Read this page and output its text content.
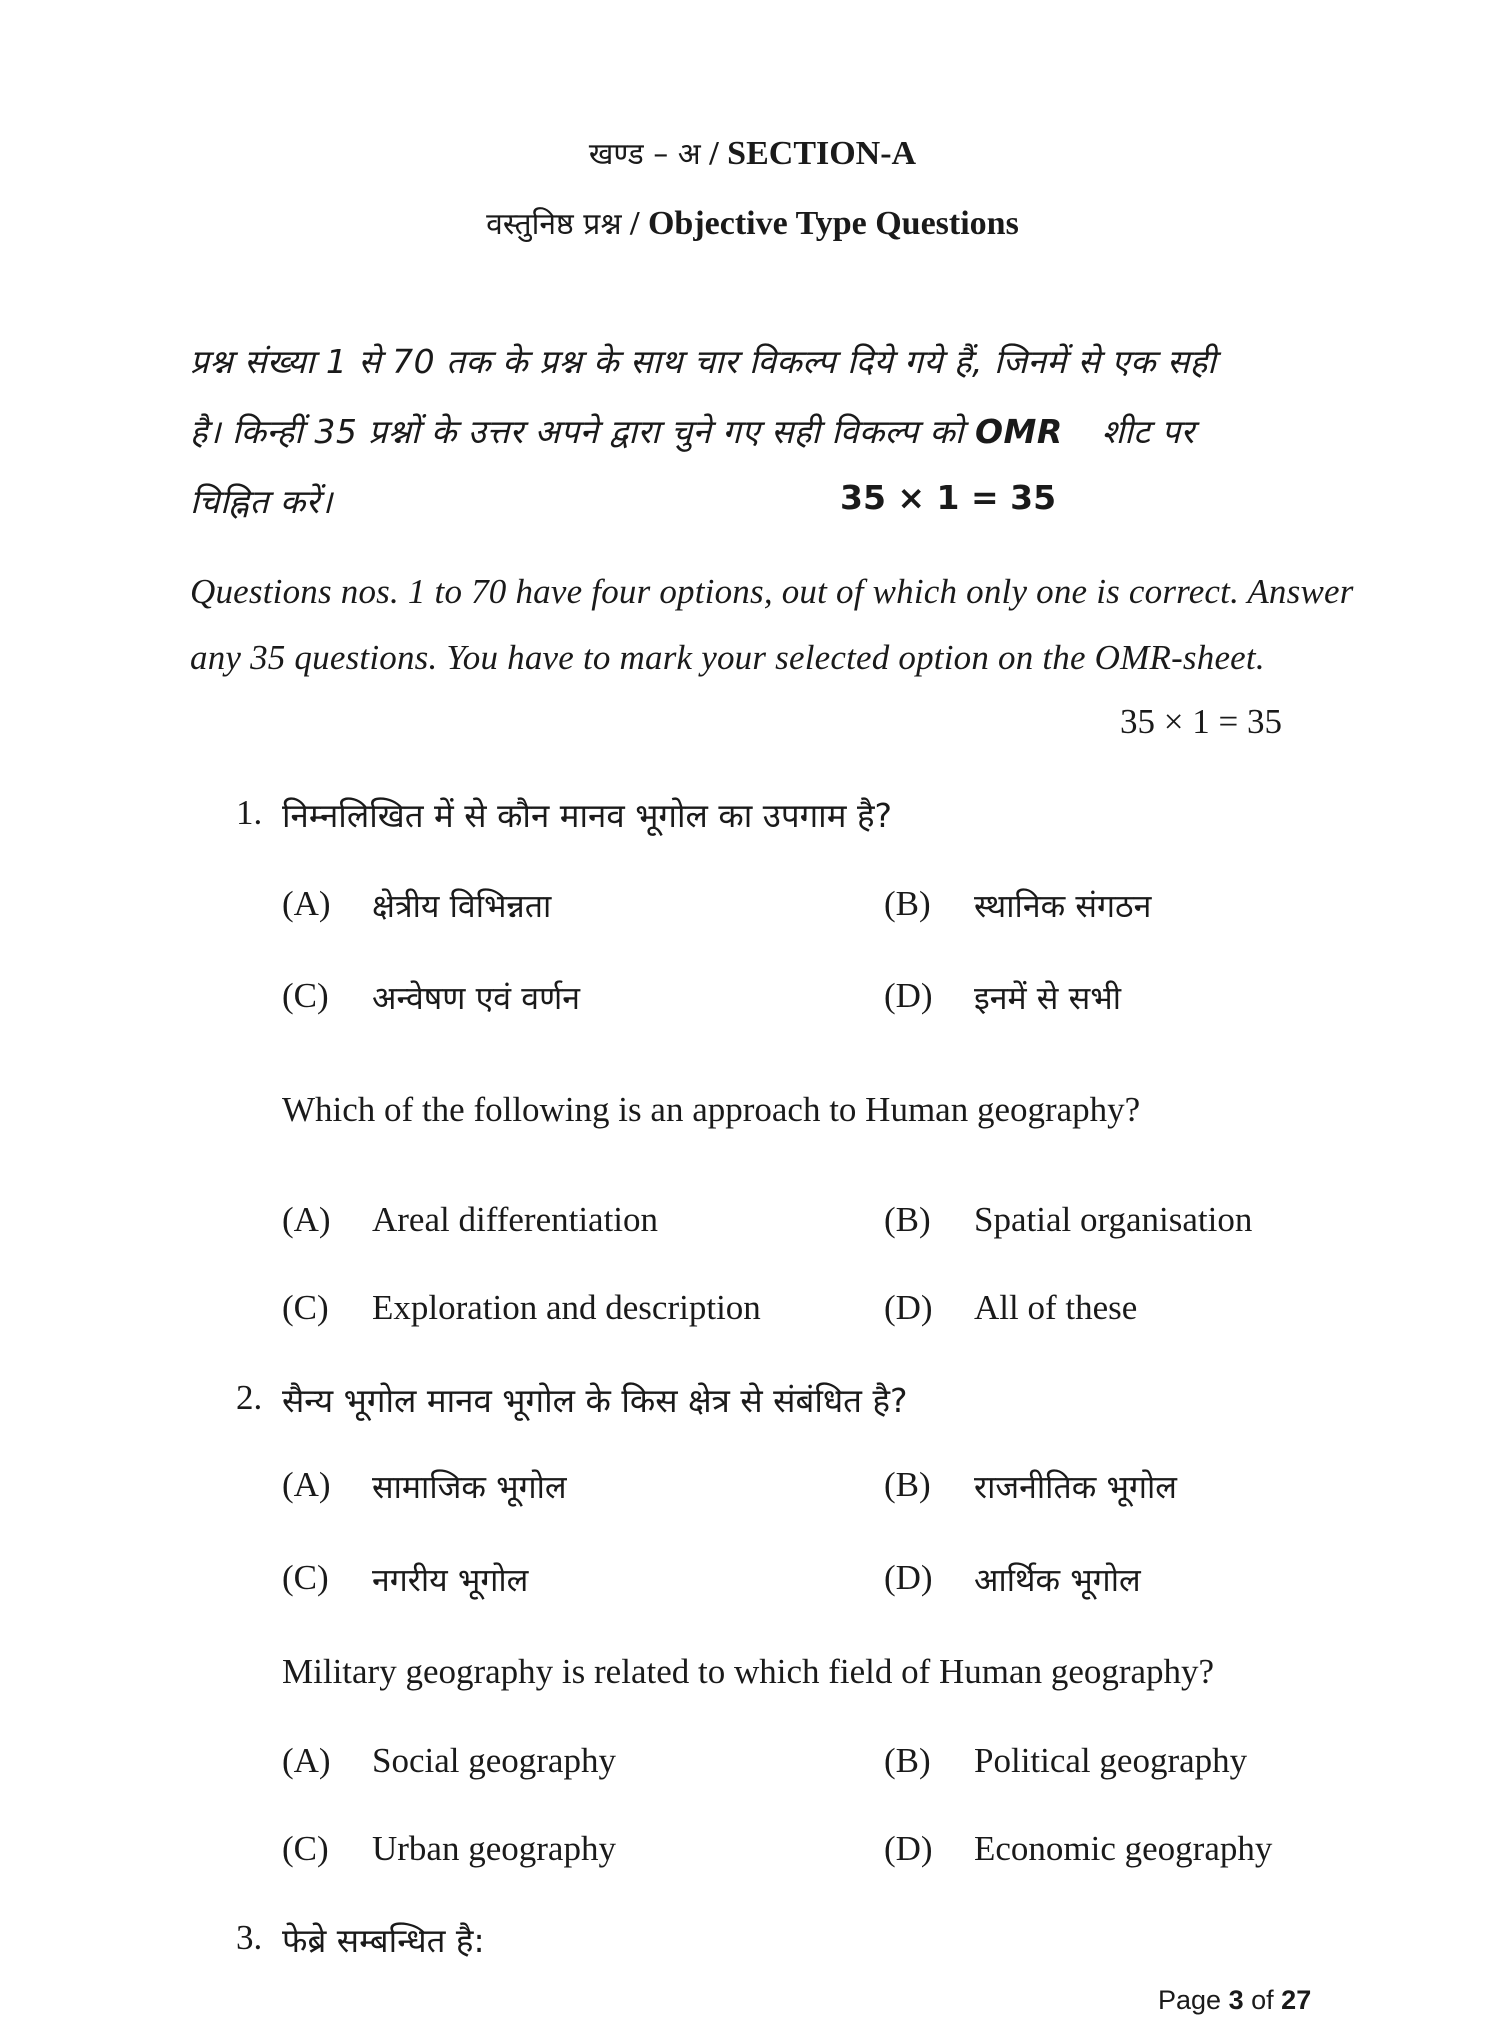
खण्ड – अ / SECTION-A
वस्तुनिष्ठ प्रश्न / Objective Type Questions
प्रश्न संख्या 1 से 70 तक के प्रश्न के साथ चार विकल्प दिये गये हैं, जिनमें से एक सही
है। किन्हीं 35 प्रश्नों के उत्तर अपने द्वारा चुने गए सही विकल्प को OMR शीट पर
चिह्नित करें।	35 × 1 = 35
Questions nos. 1 to 70 have four options, out of which only one is correct. Answer
any 35 questions. You have to mark your selected option on the OMR-sheet.
35 × 1 = 35
1. निम्नलिखित में से कौन मानव भूगोल का उपगाम है?
(A) क्षेत्रीय विभिन्नता	(B) स्थानिक संगठन
(C) अन्वेषण एवं वर्णन	(D) इनमें से सभी
Which of the following is an approach to Human geography?
(A) Areal differentiation	(B) Spatial organisation
(C) Exploration and description	(D) All of these
2. सैन्य भूगोल मानव भूगोल के किस क्षेत्र से संबंधित है?
(A) सामाजिक भूगोल	(B) राजनीतिक भूगोल
(C) नगरीय भूगोल	(D) आर्थिक भूगोल
Military geography is related to which field of Human geography?
(A) Social geography	(B) Political geography
(C) Urban geography	(D) Economic geography
3. फेब्रे सम्बन्धित है:
Page 3 of 27
